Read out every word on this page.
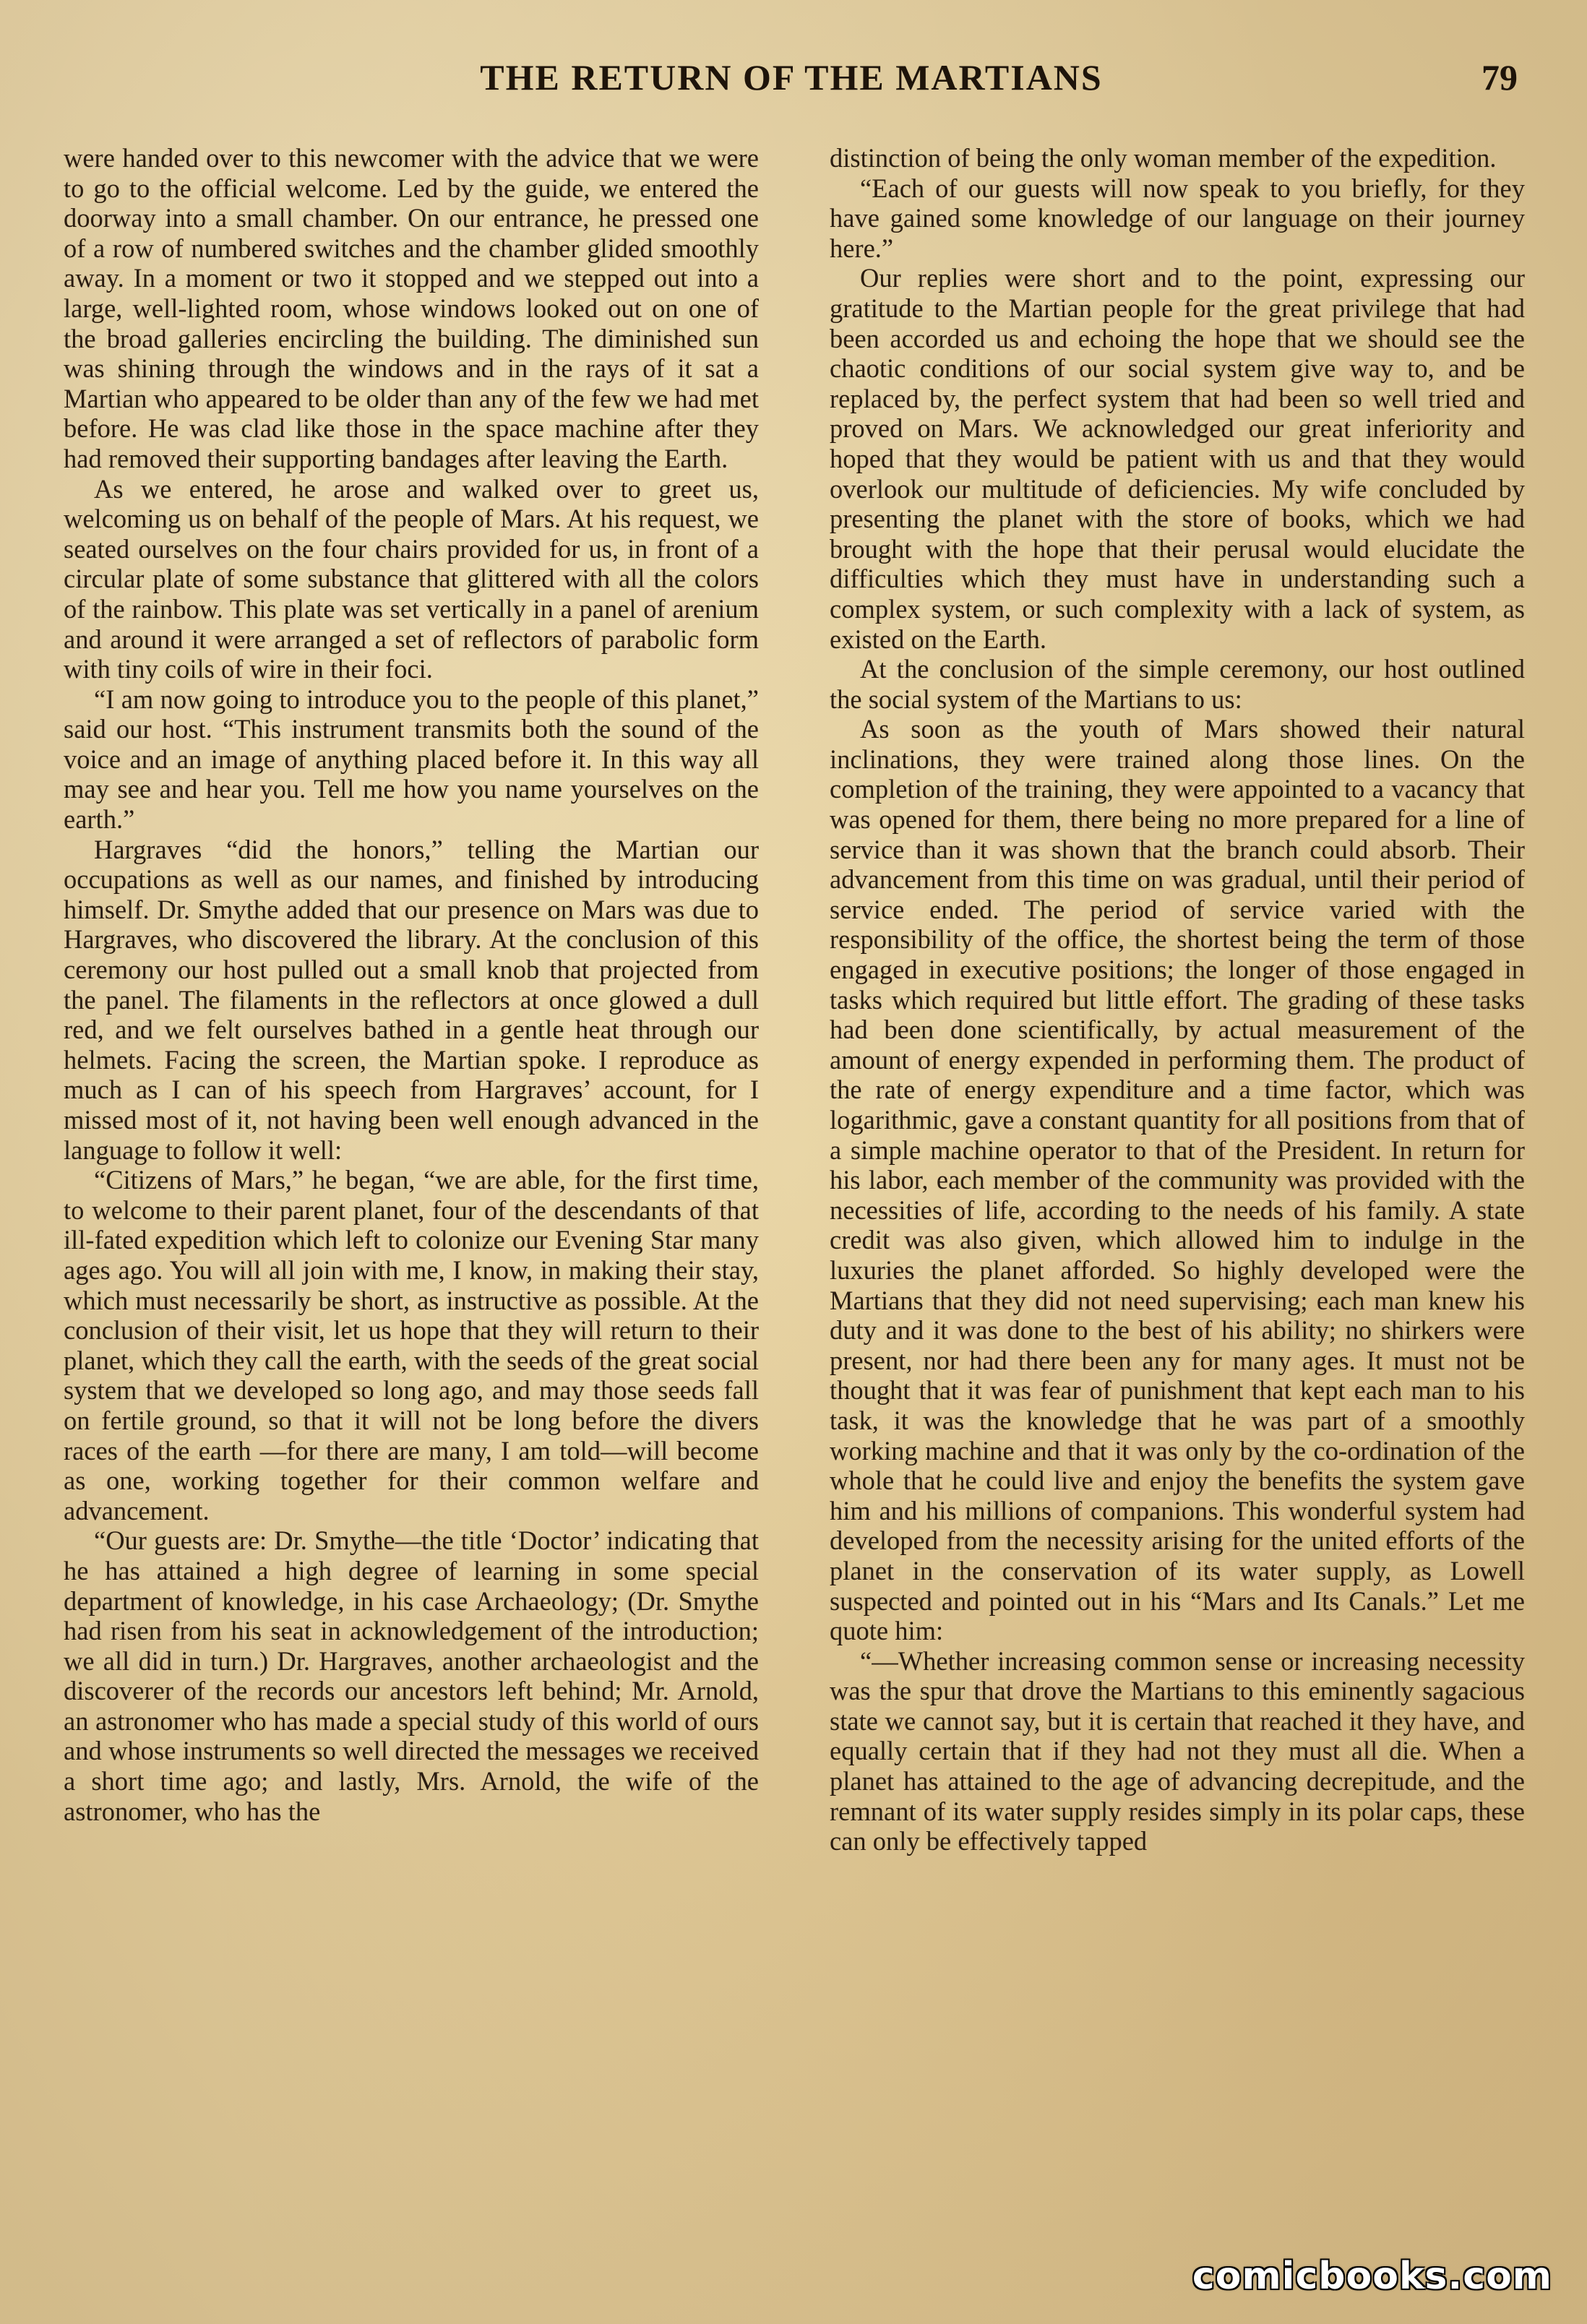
THE RETURN OF THE MARTIANS	79

were handed over to this newcomer with the advice that we were to go to the official welcome. Led by the guide, we entered the doorway into a small chamber. On our entrance, he pressed one of a row of numbered switches and the chamber glided smoothly away. In a moment or two it stopped and we stepped out into a large, well-lighted room, whose windows looked out on one of the broad galleries encircling the building. The diminished sun was shining through the windows and in the rays of it sat a Martian who appeared to be older than any of the few we had met before. He was clad like those in the space machine after they had removed their supporting bandages after leaving the Earth.

As we entered, he arose and walked over to greet us, welcoming us on behalf of the people of Mars. At his request, we seated ourselves on the four chairs provided for us, in front of a circular plate of some substance that glittered with all the colors of the rainbow. This plate was set vertically in a panel of arenium and around it were arranged a set of reflectors of parabolic form with tiny coils of wire in their foci.

“I am now going to introduce you to the people of this planet,” said our host. “This instrument transmits both the sound of the voice and an image of anything placed before it. In this way all may see and hear you. Tell me how you name yourselves on the earth.”

Hargraves “did the honors,” telling the Martian our occupations as well as our names, and finished by introducing himself. Dr. Smythe added that our presence on Mars was due to Hargraves, who discovered the library. At the conclusion of this ceremony our host pulled out a small knob that projected from the panel. The filaments in the reflectors at once glowed a dull red, and we felt ourselves bathed in a gentle heat through our helmets. Facing the screen, the Martian spoke. I reproduce as much as I can of his speech from Hargraves’ account, for I missed most of it, not having been well enough advanced in the language to follow it well:

“Citizens of Mars,” he began, “we are able, for the first time, to welcome to their parent planet, four of the descendants of that ill-fated expedition which left to colonize our Evening Star many ages ago. You will all join with me, I know, in making their stay, which must necessarily be short, as instructive as possible. At the conclusion of their visit, let us hope that they will return to their planet, which they call the earth, with the seeds of the great social system that we developed so long ago, and may those seeds fall on fertile ground, so that it will not be long before the divers races of the earth —for there are many, I am told—will become as one, working together for their common welfare and advancement.

“Our guests are: Dr. Smythe—the title ‘Doctor’ indicating that he has attained a high degree of learning in some special department of knowledge, in his case Archaeology; (Dr. Smythe had risen from his seat in acknowledgement of the introduction; we all did in turn.) Dr. Hargraves, another archaeologist and the discoverer of the records our ancestors left behind; Mr. Arnold, an astronomer who has made a special study of this world of ours and whose instruments so well directed the messages we received a short time ago; and lastly, Mrs. Arnold, the wife of the astronomer, who has the

distinction of being the only woman member of the expedition.

“Each of our guests will now speak to you briefly, for they have gained some knowledge of our language on their journey here.”

Our replies were short and to the point, expressing our gratitude to the Martian people for the great privilege that had been accorded us and echoing the hope that we should see the chaotic conditions of our social system give way to, and be replaced by, the perfect system that had been so well tried and proved on Mars. We acknowledged our great inferiority and hoped that they would be patient with us and that they would overlook our multitude of deficiencies. My wife concluded by presenting the planet with the store of books, which we had brought with the hope that their perusal would elucidate the difficulties which they must have in understanding such a complex system, or such complexity with a lack of system, as existed on the Earth.

At the conclusion of the simple ceremony, our host outlined the social system of the Martians to us:

As soon as the youth of Mars showed their natural inclinations, they were trained along those lines. On the completion of the training, they were appointed to a vacancy that was opened for them, there being no more prepared for a line of service than it was shown that the branch could absorb. Their advancement from this time on was gradual, until their period of service ended. The period of service varied with the responsibility of the office, the shortest being the term of those engaged in executive positions; the longer of those engaged in tasks which required but little effort. The grading of these tasks had been done scientifically, by actual measurement of the amount of energy expended in performing them. The product of the rate of energy expenditure and a time factor, which was logarithmic, gave a constant quantity for all positions from that of a simple machine operator to that of the President. In return for his labor, each member of the community was provided with the necessities of life, according to the needs of his family. A state credit was also given, which allowed him to indulge in the luxuries the planet afforded. So highly developed were the Martians that they did not need supervising; each man knew his duty and it was done to the best of his ability; no shirkers were present, nor had there been any for many ages. It must not be thought that it was fear of punishment that kept each man to his task, it was the knowledge that he was part of a smoothly working machine and that it was only by the co-ordination of the whole that he could live and enjoy the benefits the system gave him and his millions of companions. This wonderful system had developed from the necessity arising for the united efforts of the planet in the conservation of its water supply, as Lowell suspected and pointed out in his “Mars and Its Canals.” Let me quote him:

“—Whether increasing common sense or increasing necessity was the spur that drove the Martians to this eminently sagacious state we cannot say, but it is certain that reached it they have, and equally certain that if they had not they must all die. When a planet has attained to the age of advancing decrepitude, and the remnant of its water supply resides simply in its polar caps, these can only be effectively tapped

comicbooks.com
